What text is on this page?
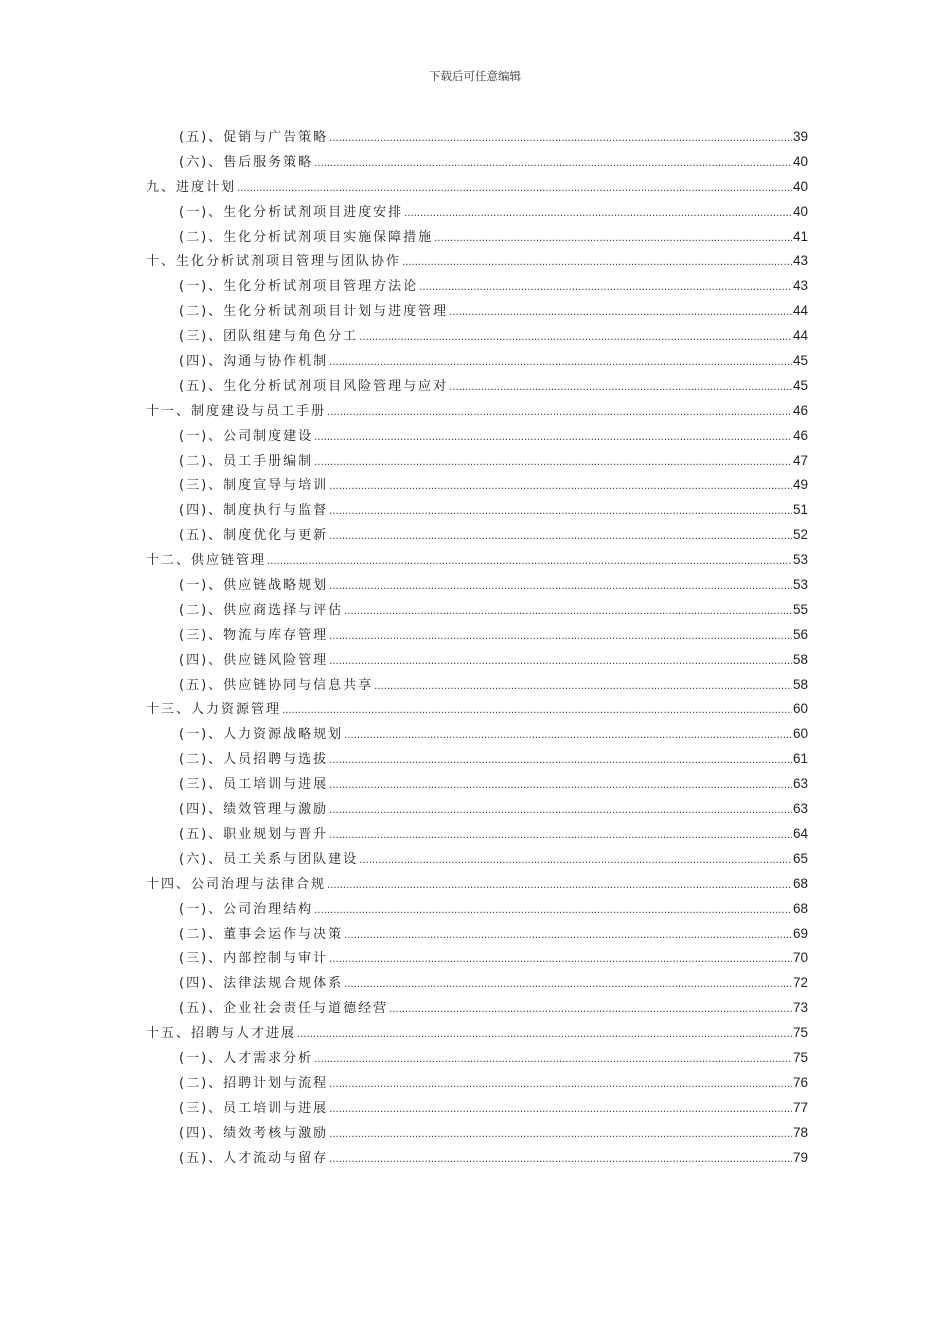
下载后可任意编辑
(五)、促销与广告策略 .....	39
(六)、售后服务策略 .....	40
九、进度计划 .....	40
(一)、生化分析试剂项目进度安排 .....	40
(二)、生化分析试剂项目实施保障措施 .....	41
十、生化分析试剂项目管理与团队协作 .....	43
(一)、生化分析试剂项目管理方法论 .....	43
(二)、生化分析试剂项目计划与进度管理 .....	44
(三)、团队组建与角色分工 .....	44
(四)、沟通与协作机制 .....	45
(五)、生化分析试剂项目风险管理与应对 .....	45
十一、制度建设与员工手册 .....	46
(一)、公司制度建设 .....	46
(二)、员工手册编制 .....	47
(三)、制度宣导与培训 .....	49
(四)、制度执行与监督 .....	51
(五)、制度优化与更新 .....	52
十二、供应链管理 .....	53
(一)、供应链战略规划 .....	53
(二)、供应商选择与评估 .....	55
(三)、物流与库存管理 .....	56
(四)、供应链风险管理 .....	58
(五)、供应链协同与信息共享 .....	58
十三、人力资源管理 .....	60
(一)、人力资源战略规划 .....	60
(二)、人员招聘与选拔 .....	61
(三)、员工培训与进展 .....	63
(四)、绩效管理与激励 .....	63
(五)、职业规划与晋升 .....	64
(六)、员工关系与团队建设 .....	65
十四、公司治理与法律合规 .....	68
(一)、公司治理结构 .....	68
(二)、董事会运作与决策 .....	69
(三)、内部控制与审计 .....	70
(四)、法律法规合规体系 .....	72
(五)、企业社会责任与道德经营 .....	73
十五、招聘与人才进展 .....	75
(一)、人才需求分析 .....	75
(二)、招聘计划与流程 .....	76
(三)、员工培训与进展 .....	77
(四)、绩效考核与激励 .....	78
(五)、人才流动与留存 .....	79
